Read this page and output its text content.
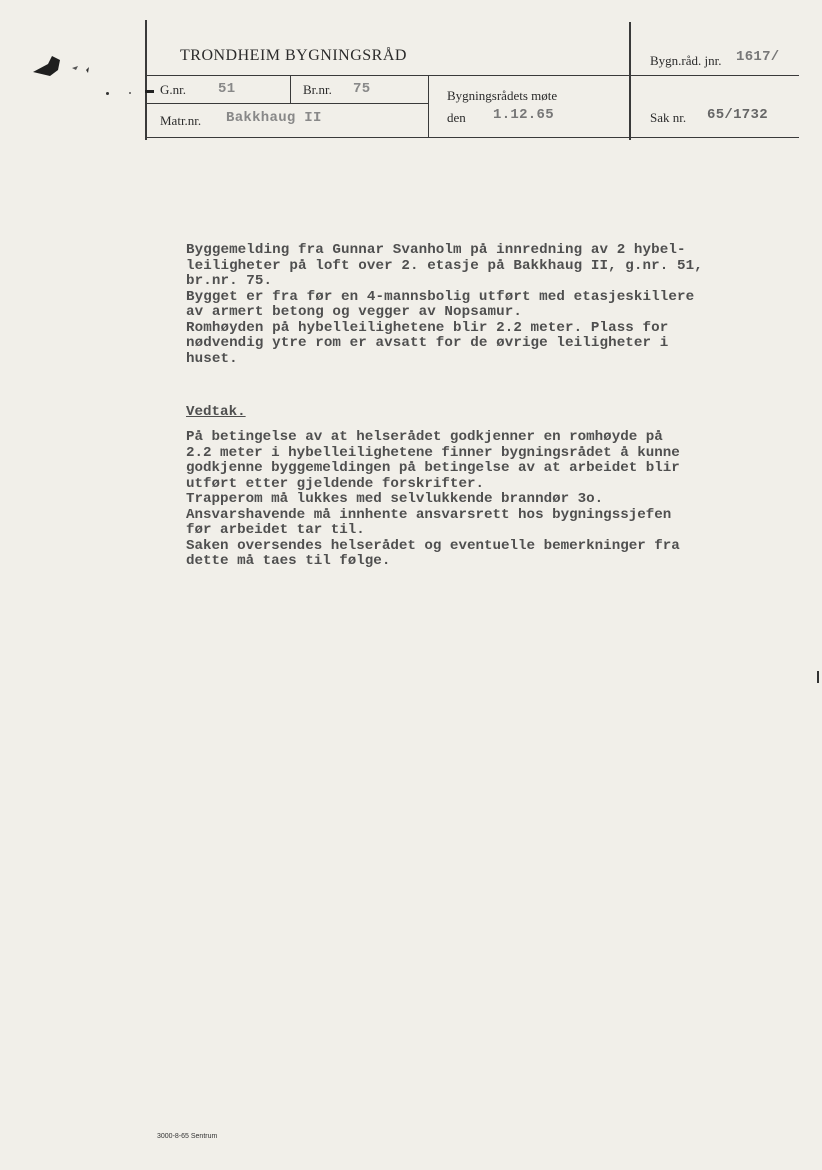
TRONDHEIM BYGNINGSRÅD	Bygn.råd. jnr. 1617/
G.nr. 51	Br.nr. 75	Bygningsrådets møte
Matr.nr. Bakkhaug II	den 1.12.65	Sak nr. 65/1732
Byggemelding fra Gunnar Svanholm på innredning av 2 hybel-
leiligheter på loft over 2. etasje på Bakkhaug II, g.nr. 51,
br.nr. 75.
Bygget er fra før en 4-mannsbolig utført med etasjeskillere
av armert betong og vegger av Nopsamur.
Romhøyden på hybelleilighetene blir 2.2 meter. Plass for
nødvendig ytre rom er avsatt for de øvrige leiligheter i
huset.
Vedtak.
På betingelse av at helserådet godkjenner en romhøyde på
2.2 meter i hybelleilighetene finner bygningsrådet å kunne
godkjenne byggemeldingen på betingelse av at arbeidet blir
utført etter gjeldende forskrifter.
Trapperom må lukkes med selvlukkende branndør 3o.
Ansvarshavende må innhente ansvarsrett hos bygningssjefen
før arbeidet tar til.
Saken oversendes helserådet og eventuelle bemerkninger fra
dette må taes til følge.
3000-8-65 Sentrum
